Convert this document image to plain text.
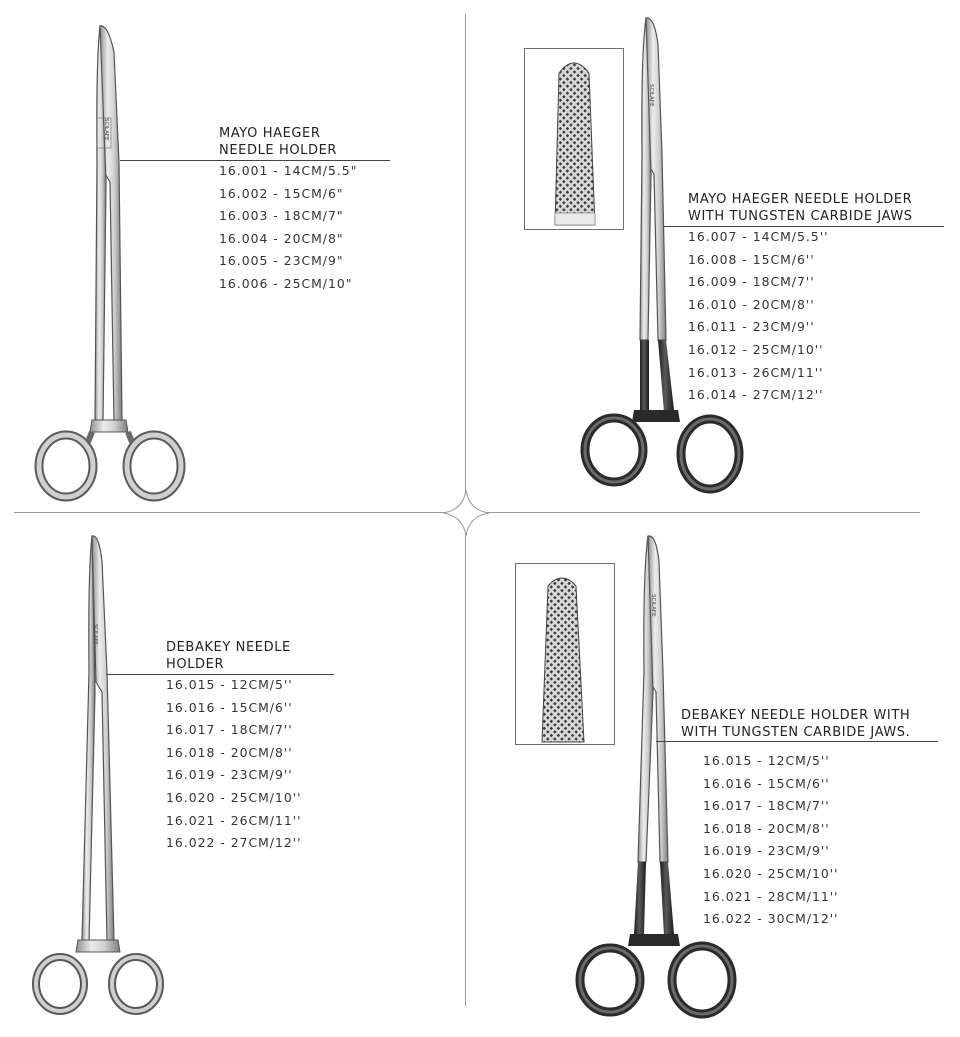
SCILAFE	MAYO HAEGER
NEEDLE HOLDER
16.001 - 14CM/5.5"
16.002 - 15CM/6"
16.003 - 18CM/7"
16.004 - 20CM/8"
16.005 - 23CM/9"
16.006 - 25CM/10"
SCILAFE
MAYO HAEGER NEEDLE HOLDER
WITH TUNGSTEN CARBIDE JAWS
16.007 - 14CM/5.5''
16.008 - 15CM/6''
16.009 - 18CM/7''
16.010 - 20CM/8''
16.011 - 23CM/9''
16.012 - 25CM/10''
16.013 - 26CM/11''
16.014 - 27CM/12''
SCILAFE
DEBAKEY NEEDLE
HOLDER
16.015 - 12CM/5''
16.016 - 15CM/6''
16.017 - 18CM/7''
16.018 - 20CM/8''
16.019 - 23CM/9''
16.020 - 25CM/10''
16.021 - 26CM/11''
16.022 - 27CM/12''
SCILAFE
DEBAKEY NEEDLE HOLDER WITH
WITH TUNGSTEN CARBIDE JAWS.
16.015 - 12CM/5''
16.016 - 15CM/6''
16.017 - 18CM/7''
16.018 - 20CM/8''
16.019 - 23CM/9''
16.020 - 25CM/10''
16.021 - 28CM/11''
16.022 - 30CM/12''
